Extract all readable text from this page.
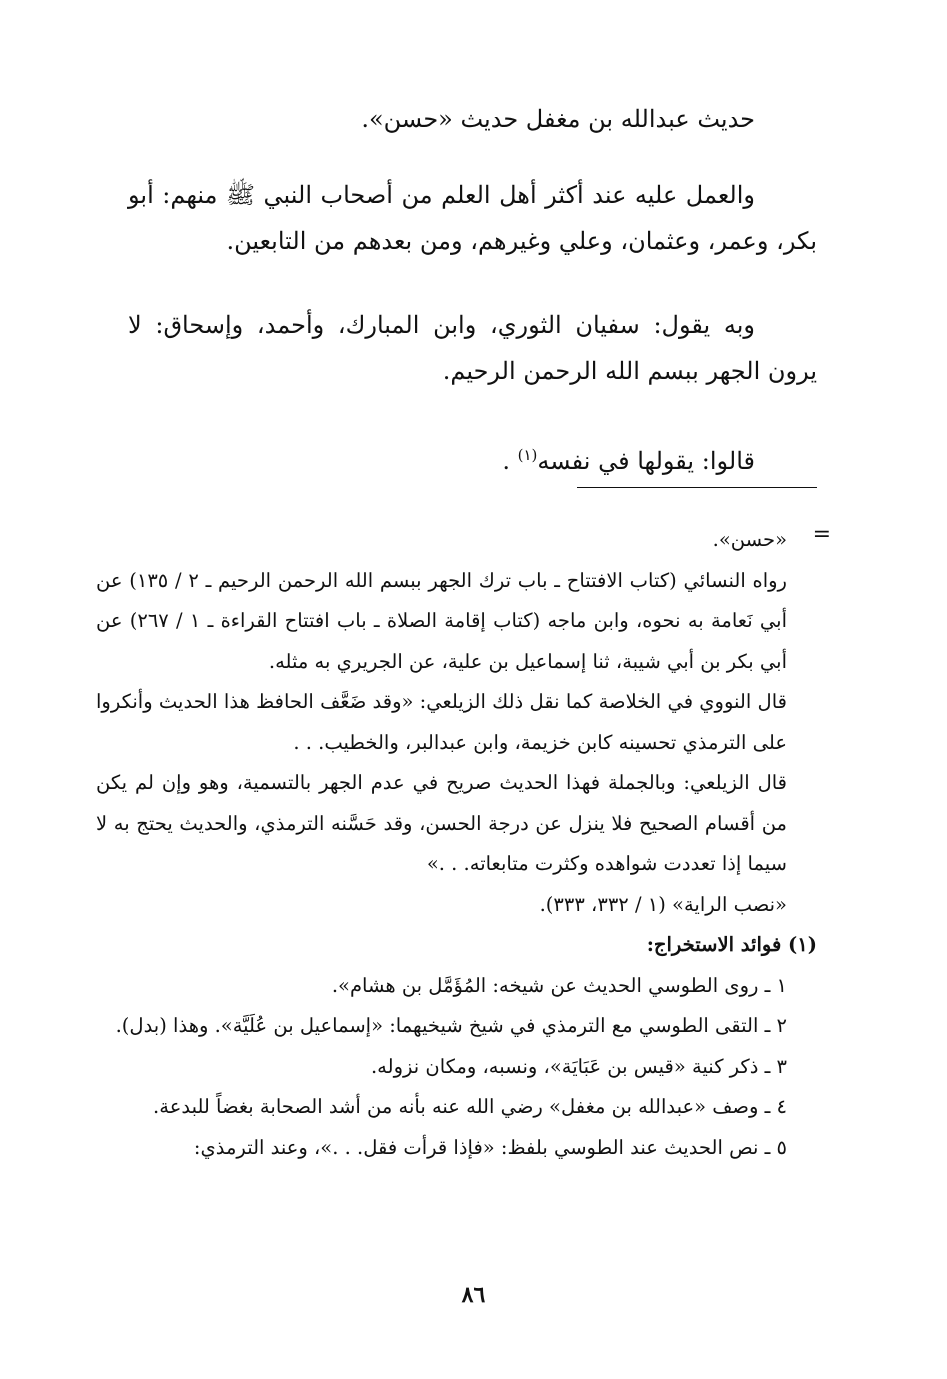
حديث عبدالله بن مغفل حديث «حسن».

والعمل عليه عند أكثر أهل العلم من أصحاب النبي ﷺ منهم: أبو بكر، وعمر، وعثمان، وعلي وغيرهم، ومن بعدهم من التابعين.

وبه يقول: سفيان الثوري، وابن المبارك، وأحمد، وإسحاق: لا يرون الجهر ببسم الله الرحمن الرحيم.

قالوا: يقولها في نفسه$^{(١)}$ .

=

«حسن».

رواه النسائي (كتاب الافتتاح ـ باب ترك الجهر ببسم الله الرحمن الرحيم ـ ٢ / ١٣٥) عن أبي نَعامة به نحوه، وابن ماجه (كتاب إقامة الصلاة ـ باب افتتاح القراءة ـ ١ / ٢٦٧) عن أبي بكر بن أبي شيبة، ثنا إسماعيل بن علية، عن الجريري به مثله.

قال النووي في الخلاصة كما نقل ذلك الزيلعي: «وقد ضَعَّف الحافظ هذا الحديث وأنكروا على الترمذي تحسينه كابن خزيمة، وابن عبدالبر، والخطيب. . .

قال الزيلعي: وبالجملة فهذا الحديث صريح في عدم الجهر بالتسمية، وهو وإن لم يكن من أقسام الصحيح فلا ينزل عن درجة الحسن، وقد حَسَّنه الترمذي، والحديث يحتج به لا سيما إذا تعددت شواهده وكثرت متابعاته. . .»

«نصب الراية» (١ / ٣٣٢، ٣٣٣).

(١) فوائد الاستخراج:

١ ـ روى الطوسي الحديث عن شيخه: المُؤَمَّل بن هشام».

٢ ـ التقى الطوسي مع الترمذي في شيخ شيخيهما: «إسماعيل بن عُلَيَّة». وهذا (بدل).

٣ ـ ذكر كنية «قيس بن عَبَايَة»، ونسبه، ومكان نزوله.

٤ ـ وصف «عبدالله بن مغفل» رضي الله عنه بأنه من أشد الصحابة بغضاً للبدعة.

٥ ـ نص الحديث عند الطوسي بلفظ: «فإذا قرأت فقل. . .»، وعند الترمذي:

٨٦
